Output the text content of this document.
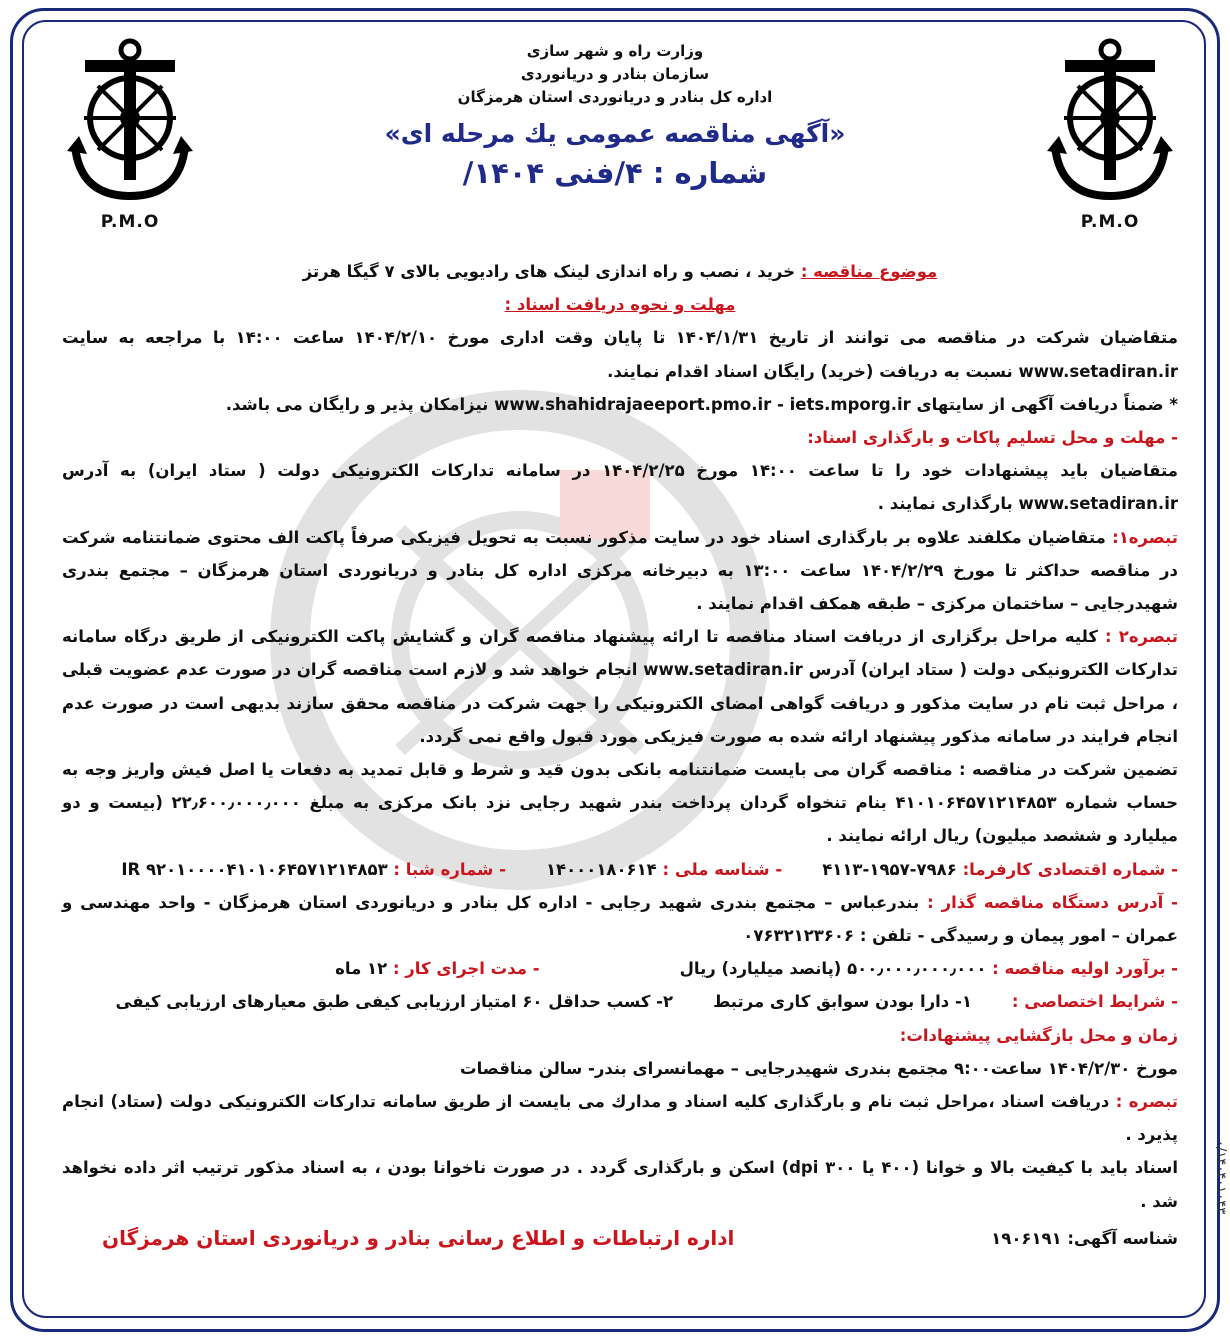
۰/۱۴۰۴۰۱۰۴۳
P.M.O	P.M.O
وزارت راه و شهر سازی
سازمان بنادر و دریانوردی
اداره کل بنادر و دریانوردی استان هرمزگان
«آگهی مناقصه عمومی یك مرحله ای»
شماره : ۴/فنی ۱۴۰۴/

موضوع مناقصه : خرید ، نصب و راه اندازی لینک های رادیویی بالای ۷ گیگا هرتز

مهلت و نحوه دریافت اسناد :

متقاضیان شرکت در مناقصه می توانند از تاریخ ۱۴۰۴/۱/۳۱ تا پایان وقت اداری مورخ ۱۴۰۴/۲/۱۰ ساعت ۱۴:۰۰ با مراجعه به سایت www.setadiran.ir نسبت به دریافت (خرید) رایگان اسناد اقدام نمایند.

* ضمناً دریافت آگهی از سایتهای www.shahidrajaeeport.pmo.ir - iets.mporg.ir نیزامکان پذیر و رایگان می باشد.

- مهلت و محل تسلیم پاکات و بارگذاری اسناد:

متقاضیان باید پیشنهادات خود را تا ساعت ۱۴:۰۰ مورخ ۱۴۰۴/۲/۲۵ در سامانه تدارکات الکترونیکی دولت ( ستاد ایران) به آدرس www.setadiran.ir بارگذاری نمایند .

تبصره۱: متقاضیان مکلفند علاوه بر بارگذاری اسناد خود در سایت مذکور نسبت به تحویل فیزیکی صرفاً پاکت الف محتوی ضمانتنامه شرکت در مناقصه حداکثر تا مورخ ۱۴۰۴/۲/۲۹ ساعت ۱۳:۰۰ به دبیرخانه مرکزی اداره کل بنادر و دریانوردی استان هرمزگان – مجتمع بندری شهیدرجایی – ساختمان مرکزی – طبقه همکف اقدام نمایند .

تبصره۲ : کلیه مراحل برگزاری از دریافت اسناد مناقصه تا ارائه پیشنهاد مناقصه گران و گشایش پاکت الکترونیکی از طریق درگاه سامانه تدارکات الکترونیکی دولت ( ستاد ایران) آدرس www.setadiran.ir انجام خواهد شد و لازم است مناقصه گران در صورت عدم عضویت قبلی ، مراحل ثبت نام در سایت مذکور و دریافت گواهی امضای الکترونیکی را جهت شرکت در مناقصه محقق سازند بدیهی است در صورت عدم انجام فرایند در سامانه مذکور پیشنهاد ارائه شده به صورت فیزیکی مورد قبول واقع نمی گردد.

تضمین شرکت در مناقصه : مناقصه گران می بایست ضمانتنامه بانکی بدون قید و شرط و قابل تمدید به دفعات یا اصل فیش واریز وجه به حساب شماره ۴۱۰۱۰۶۴۵۷۱۲۱۴۸۵۳ بنام تنخواه گردان پرداخت بندر شهید رجایی نزد بانک مرکزی به مبلغ ۲۲٫۶۰۰٫۰۰۰٫۰۰۰ (بیست و دو میلیارد و ششصد میلیون) ریال ارائه نمایند .

- شماره اقتصادی کارفرما: ۷۹۸۶-۱۹۵۷-۴۱۱۳
- شناسه ملی : ۱۴۰۰۰۱۸۰۶۱۴
- شماره شبا : IR ۹۲۰۱۰۰۰۰۴۱۰۱۰۶۴۵۷۱۲۱۴۸۵۳

- آدرس دستگاه مناقصه گذار : بندرعباس – مجتمع بندری شهید رجایی - اداره کل بنادر و دریانوردی استان هرمزگان - واحد مهندسی و عمران – امور پیمان و رسیدگی - تلفن : ۰۷۶۳۲۱۲۳۶۰۶

- برآورد اولیه مناقصه : ۵۰۰٫۰۰۰٫۰۰۰٫۰۰۰ (پانصد میلیارد) ریال
- مدت اجرای کار : ۱۲ ماه

- شرایط اختصاصی :
۱- دارا بودن سوابق کاری مرتبط
۲- کسب حداقل ۶۰ امتیاز ارزیابی کیفی طبق معیارهای ارزیابی کیفی

زمان و محل بازگشایی پیشنهادات:

مورخ ۱۴۰۴/۲/۳۰ ساعت۹:۰۰ مجتمع بندری شهیدرجایی – مهمانسرای بندر- سالن مناقصات

تبصره : دریافت اسناد ،مراحل ثبت نام و بارگذاری کلیه اسناد و مدارك می بایست از طریق سامانه تدارکات الکترونیکی دولت (ستاد) انجام پذیرد .

اسناد باید با کیفیت بالا و خوانا (۴۰۰ یا ۳۰۰ dpi) اسکن و بارگذاری گردد . در صورت ناخوانا بودن ، به اسناد مذکور ترتیب اثر داده نخواهد شد .

شناسه آگهی: ۱۹۰۶۱۹۱
اداره ارتباطات و اطلاع رسانی بنادر و دریانوردی استان هرمزگان
